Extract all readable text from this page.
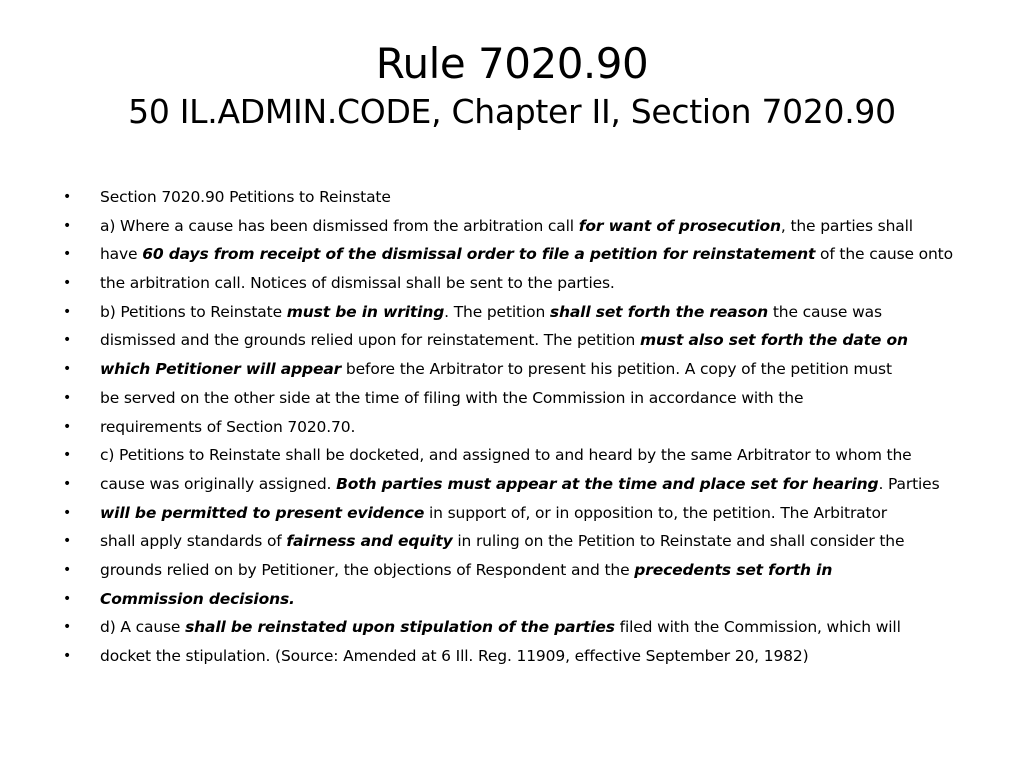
Rule 7020.90
50 IL.ADMIN.CODE, Chapter II, Section 7020.90
• Section 7020.90 Petitions to Reinstate
• a) Where a cause has been dismissed from the arbitration call for want of prosecution, the parties shall
• have 60 days from receipt of the dismissal order to file a petition for reinstatement of the cause onto
• the arbitration call. Notices of dismissal shall be sent to the parties.
• b) Petitions to Reinstate must be in writing. The petition shall set forth the reason the cause was
• dismissed and the grounds relied upon for reinstatement. The petition must also set forth the date on
• which Petitioner will appear before the Arbitrator to present his petition. A copy of the petition must
• be served on the other side at the time of filing with the Commission in accordance with the
• requirements of Section 7020.70.
• c) Petitions to Reinstate shall be docketed, and assigned to and heard by the same Arbitrator to whom the
• cause was originally assigned. Both parties must appear at the time and place set for hearing. Parties
• will be permitted to present evidence in support of, or in opposition to, the petition. The Arbitrator
• shall apply standards of fairness and equity in ruling on the Petition to Reinstate and shall consider the
• grounds relied on by Petitioner, the objections of Respondent and the precedents set forth in
• Commission decisions.
• d) A cause shall be reinstated upon stipulation of the parties filed with the Commission, which will
• docket the stipulation. (Source: Amended at 6 Ill. Reg. 11909, effective September 20, 1982)
